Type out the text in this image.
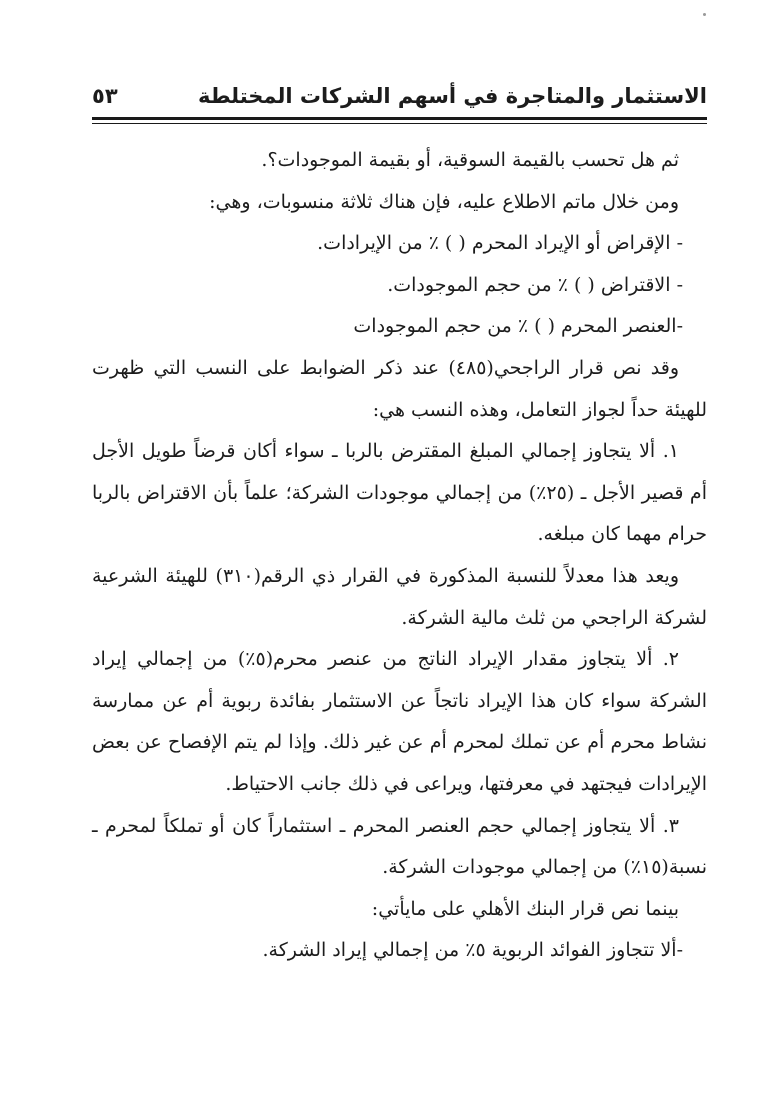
الاستثمار والمتاجرة في أسهم الشركات المختلطة
٥٣

ثم هل تحسب بالقيمة السوقية، أو بقيمة الموجودات؟.

ومن خلال ماتم الاطلاع عليه، فإن هناك ثلاثة منسوبات، وهي:

- الإقراض أو الإيراد المحرم ( ) ٪ من الإيرادات.

- الاقتراض ( ) ٪ من حجم الموجودات.

-العنصر المحرم ( ) ٪ من حجم الموجودات

وقد نص قرار الراجحي(٤٨٥) عند ذكر الضوابط على النسب التي ظهرت للهيئة حداً لجواز التعامل، وهذه النسب هي:

١. ألا يتجاوز إجمالي المبلغ المقترض بالربا ـ سواء أكان قرضاً طويل الأجل أم قصير الأجل ـ (٢٥٪) من إجمالي موجودات الشركة؛ علماً بأن الاقتراض بالربا حرام مهما كان مبلغه.

ويعد هذا معدلاً للنسبة المذكورة في القرار ذي الرقم(٣١٠) للهيئة الشرعية لشركة الراجحي من ثلث مالية الشركة.

٢. ألا يتجاوز مقدار الإيراد الناتج من عنصر محرم(٥٪) من إجمالي إيراد الشركة سواء كان هذا الإيراد ناتجاً عن الاستثمار بفائدة ربوية أم عن ممارسة نشاط محرم أم عن تملك لمحرم أم عن غير ذلك. وإذا لم يتم الإفصاح عن بعض الإيرادات فيجتهد في معرفتها، ويراعى في ذلك جانب الاحتياط.

٣. ألا يتجاوز إجمالي حجم العنصر المحرم ـ استثماراً كان أو تملكاً لمحرم ـ نسبة(١٥٪) من إجمالي موجودات الشركة.

بينما نص قرار البنك الأهلي على مايأتي:

-ألا تتجاوز الفوائد الربوية ٥٪ من إجمالي إيراد الشركة.
